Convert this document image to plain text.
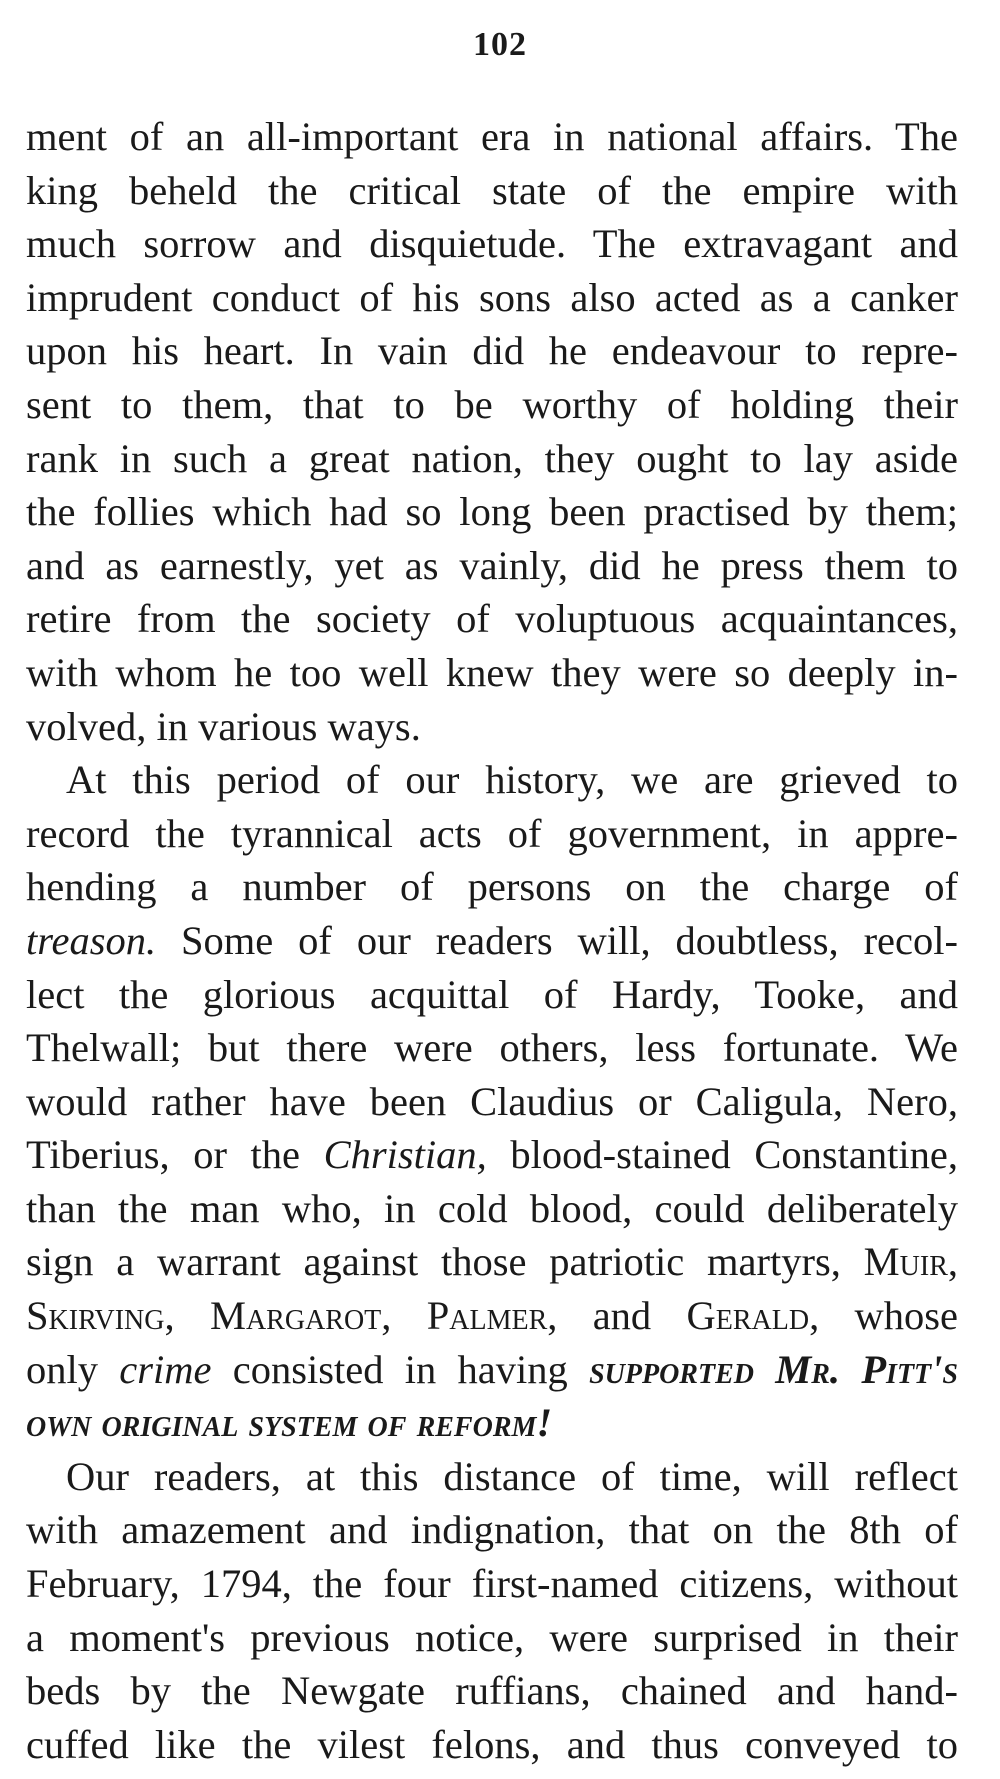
102
ment of an all-important era in national affairs. The
king beheld the critical state of the empire with
much sorrow and disquietude. The extravagant and
imprudent conduct of his sons also acted as a canker
upon his heart. In vain did he endeavour to repre-
sent to them, that to be worthy of holding their
rank in such a great nation, they ought to lay aside
the follies which had so long been practised by them;
and as earnestly, yet as vainly, did he press them to
retire from the society of voluptuous acquaintances,
with whom he too well knew they were so deeply in-
volved, in various ways.
At this period of our history, we are grieved to
record the tyrannical acts of government, in appre-
hending a number of persons on the charge of
treason. Some of our readers will, doubtless, recol-
lect the glorious acquittal of Hardy, Tooke, and
Thelwall; but there were others, less fortunate. We
would rather have been Claudius or Caligula, Nero,
Tiberius, or the Christian, blood-stained Constantine,
than the man who, in cold blood, could deliberately
sign a warrant against those patriotic martyrs, Muir,
Skirving, Margarot, Palmer, and Gerald, whose
only crime consisted in having supported Mr. Pitt's
own original system of reform!
Our readers, at this distance of time, will reflect
with amazement and indignation, that on the 8th of
February, 1794, the four first-named citizens, without
a moment's previous notice, were surprised in their
beds by the Newgate ruffians, chained and hand-
cuffed like the vilest felons, and thus conveyed to
